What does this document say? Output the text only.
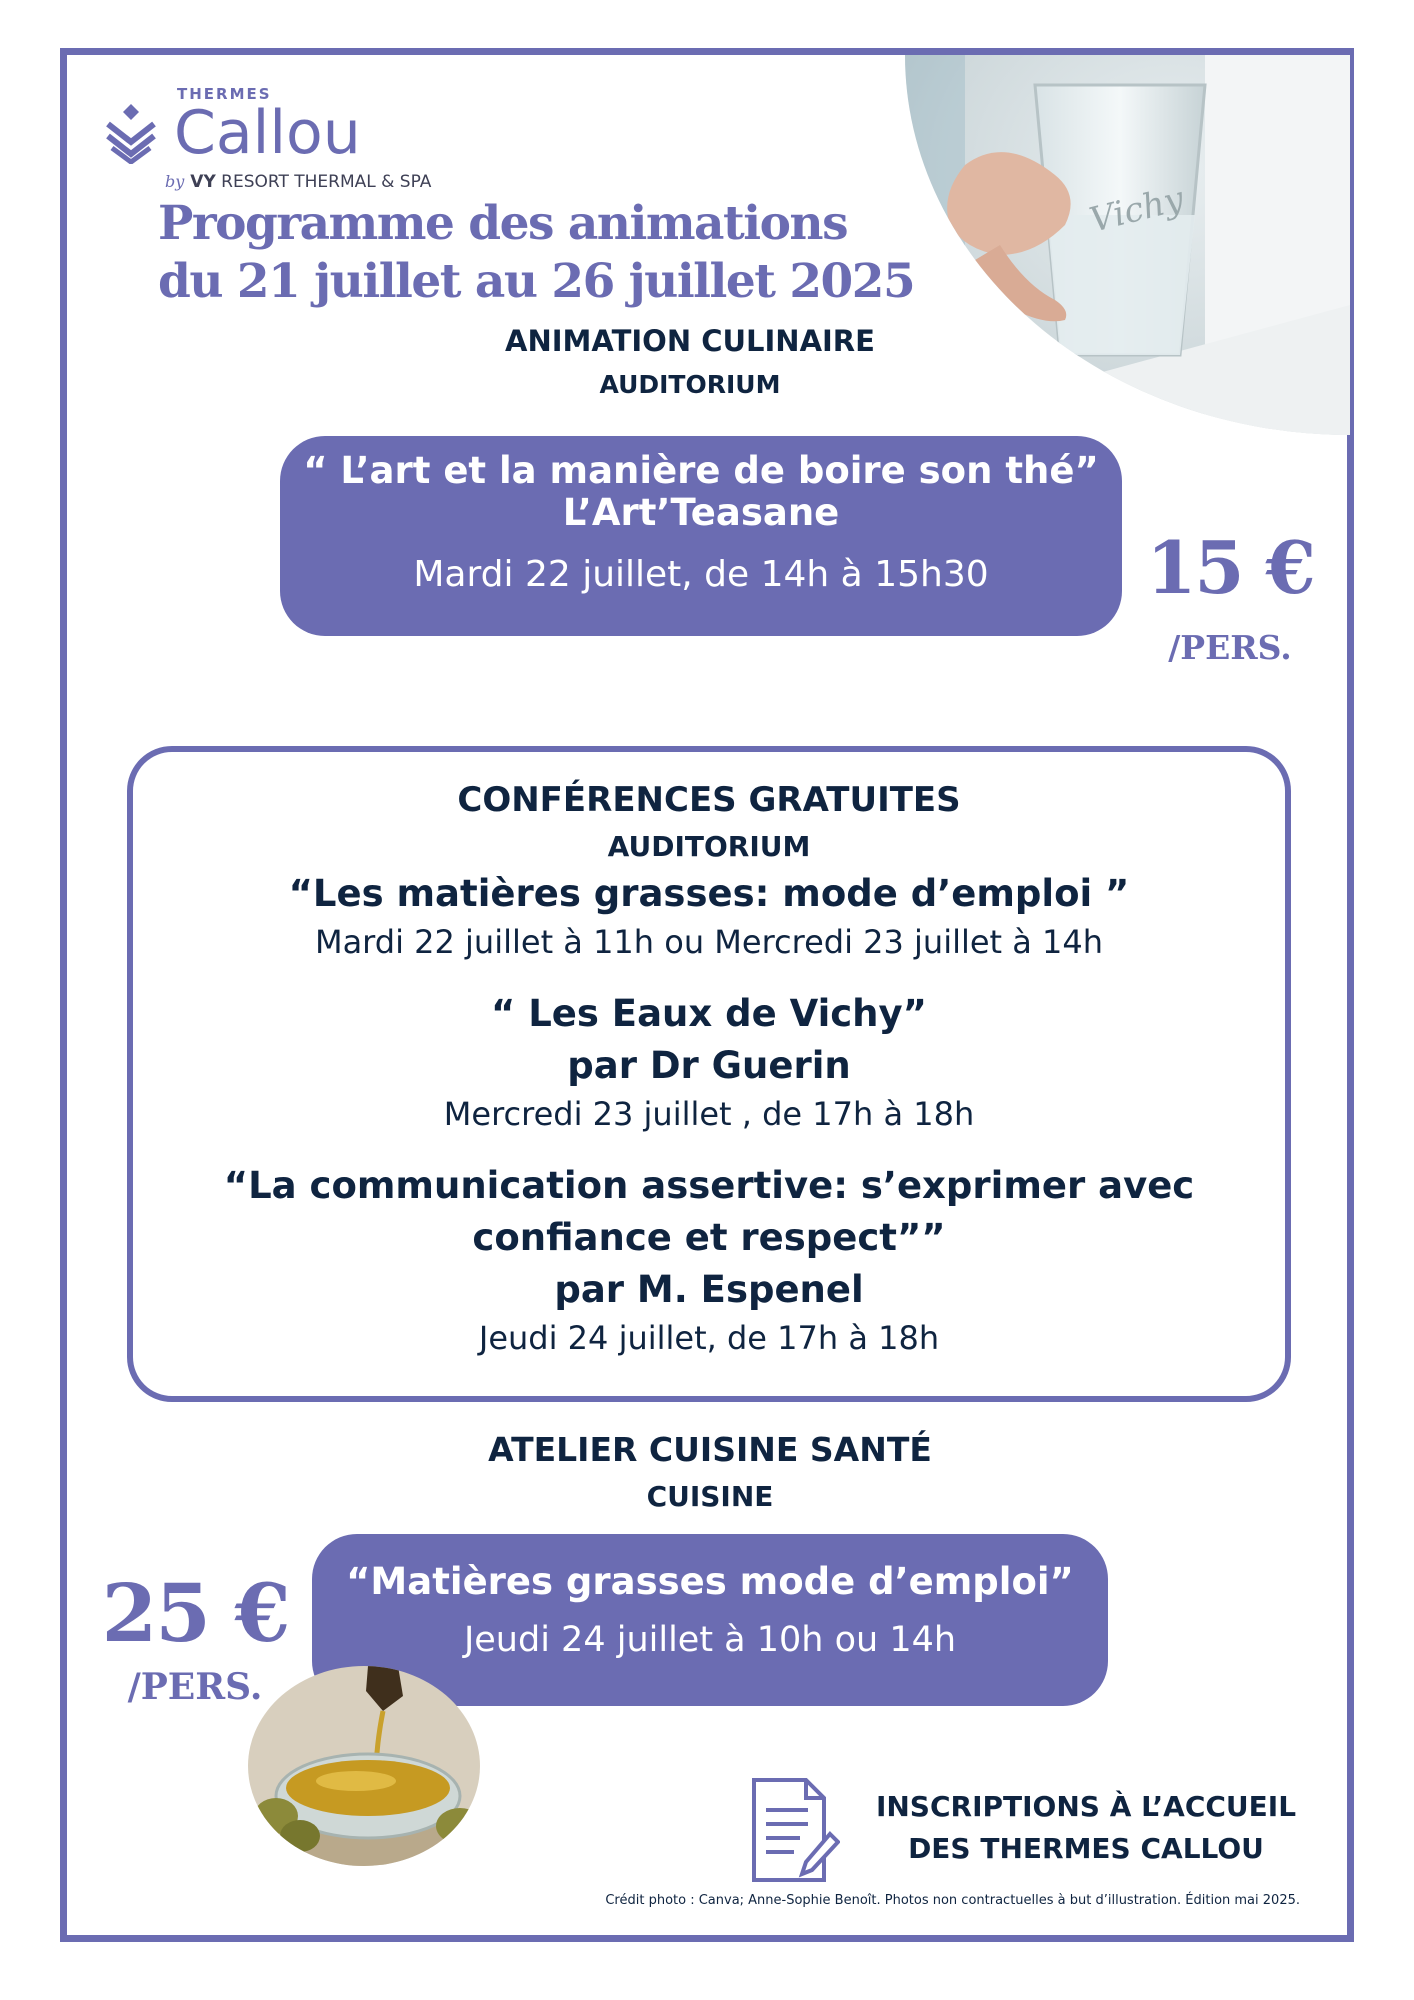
Vichy
THERMES
Callou
by VY RESORT THERMAL & SPA
Programme des animations
du 21 juillet au 26 juillet 2025
ANIMATION CULINAIRE
AUDITORIUM
“ L’art et la manière de boire son thé”
L’Art’Teasane
Mardi 22 juillet, de 14h à 15h30	15 €
/PERS.
CONFÉRENCES GRATUITES
AUDITORIUM
“Les matières grasses: mode d’emploi ”
Mardi 22 juillet à 11h ou Mercredi 23 juillet à 14h
“ Les Eaux de Vichy”
par Dr Guerin
Mercredi 23 juillet , de 17h à 18h
“La communication assertive: s’exprimer avec
confiance et respect””
par M. Espenel
Jeudi 24 juillet, de 17h à 18h
ATELIER CUISINE SANTÉ
CUISINE
“Matières grasses mode d’emploi”
Jeudi 24 juillet à 10h ou 14h
25 €
/PERS.
INSCRIPTIONS À L’ACCUEIL
DES THERMES CALLOU
Crédit photo : Canva; Anne-Sophie Benoît. Photos non contractuelles à but d’illustration. Édition mai 2025.
